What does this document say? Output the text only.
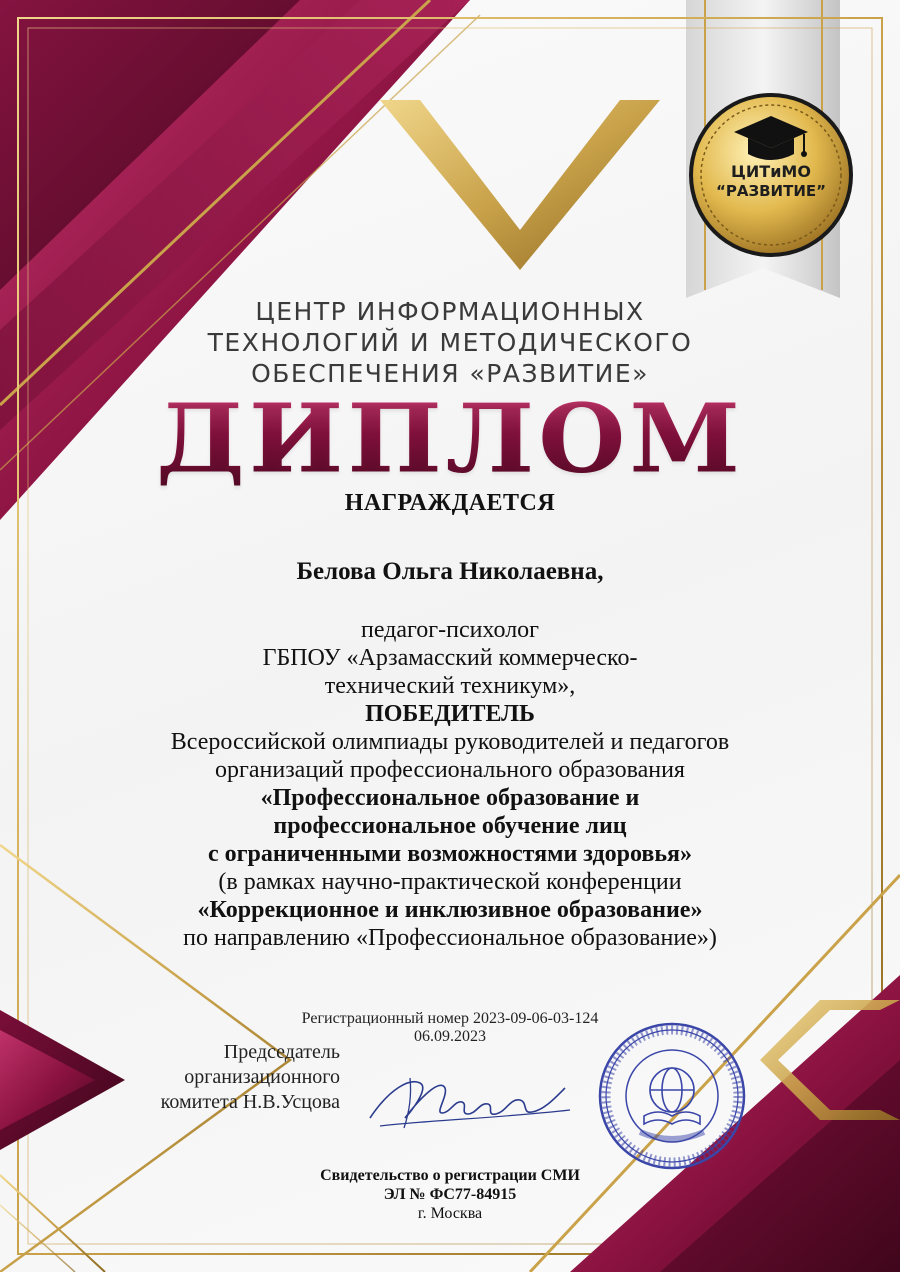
ЦИТиМО
“РАЗВИТИЕ”
ЦЕНТР ИНФОРМАЦИОННЫХ
ТЕХНОЛОГИЙ И МЕТОДИЧЕСКОГО
ОБЕСПЕЧЕНИЯ «РАЗВИТИЕ»
ДИПЛОМ
НАГРАЖДАЕТСЯ
Белова Ольга Николаевна,
педагог-психолог
ГБПОУ «Арзамасский коммерческо-
технический техникум»,
ПОБЕДИТЕЛЬ
Всероссийской олимпиады руководителей и педагогов
организаций профессионального образования
«Профессиональное образование и
профессиональное обучение лиц
с ограниченными возможностями здоровья»
(в рамках научно-практической конференции
«Коррекционное и инклюзивное образование»
по направлению «Профессиональное образование»)
Регистрационный номер 2023-09-06-03-124
06.09.2023
Председатель
организационного
комитета Н.В.Усцова
Свидетельство о регистрации СМИ
ЭЛ № ФС77-84915
г. Москва
